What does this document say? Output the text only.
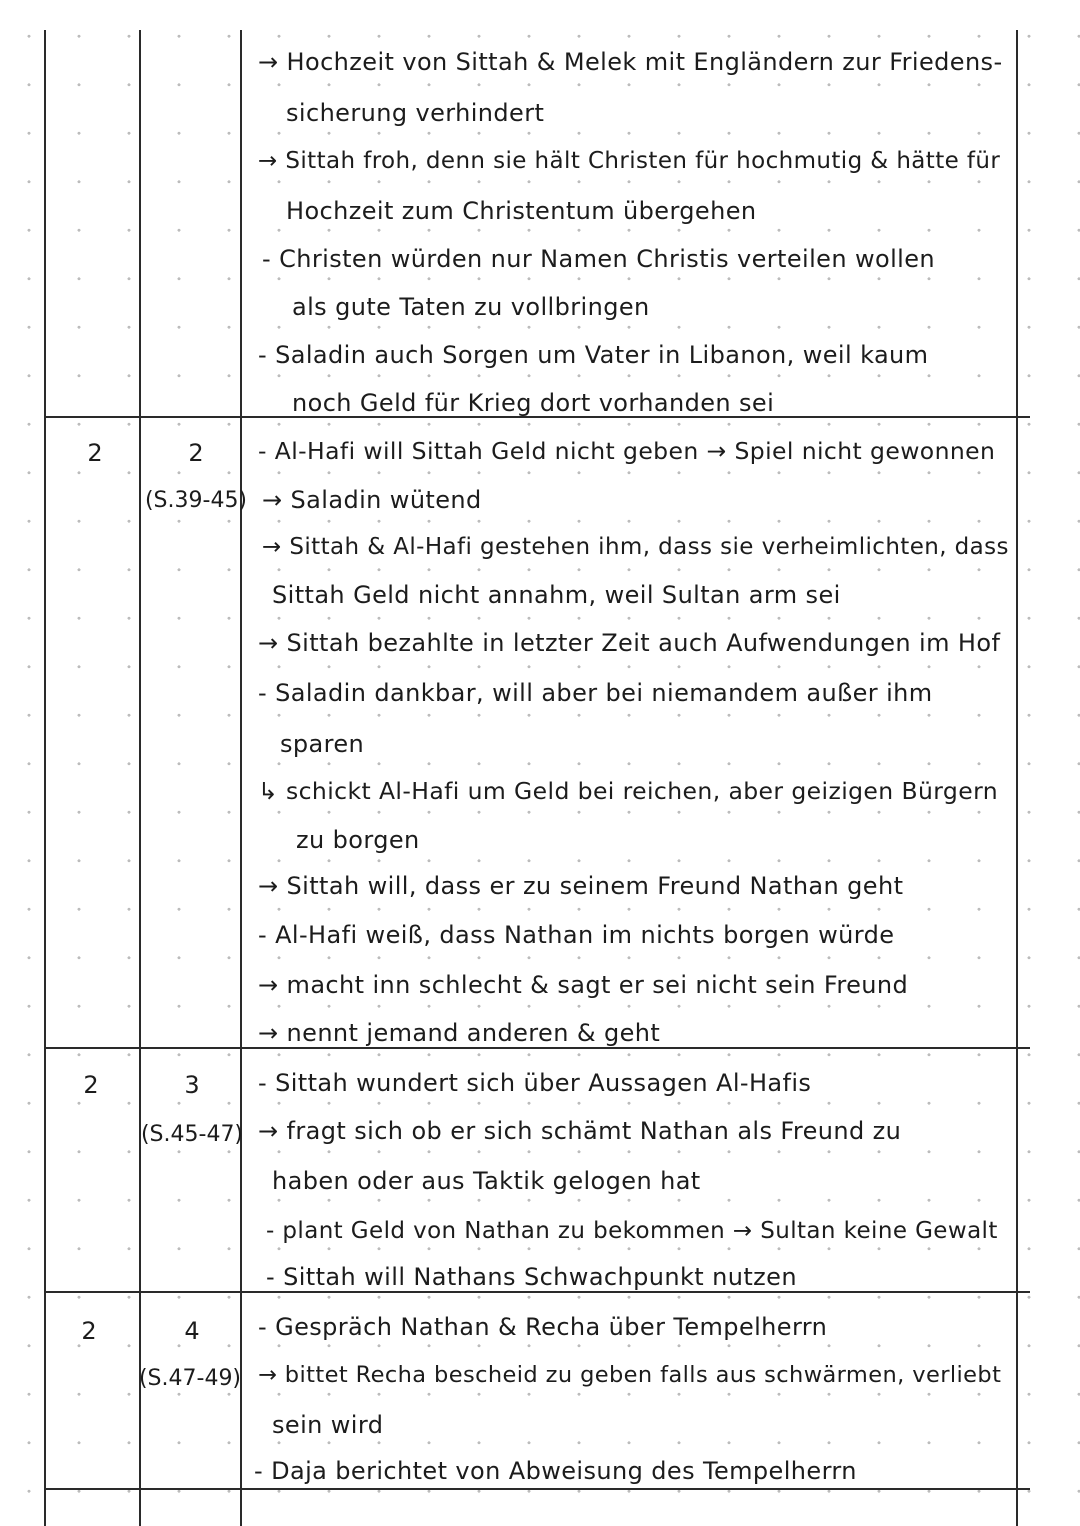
→ Hochzeit von Sittah & Melek mit Engländern zur Friedens-
sicherung verhindert
→ Sittah froh, denn sie hält Christen für hochmutig & hätte für
Hochzeit zum Christentum übergehen
- Christen würden nur Namen Christis verteilen wollen
als gute Taten zu vollbringen
- Saladin auch Sorgen um Vater in Libanon, weil kaum
noch Geld für Krieg dort vorhanden sei
2	2
(S.39-45)
- Al-Hafi will Sittah Geld nicht geben → Spiel nicht gewonnen
→ Saladin wütend
→ Sittah & Al-Hafi gestehen ihm, dass sie verheimlichten, dass
Sittah Geld nicht annahm, weil Sultan arm sei
→ Sittah bezahlte in letzter Zeit auch Aufwendungen im Hof
- Saladin dankbar, will aber bei niemandem außer ihm
sparen
↳ schickt Al-Hafi um Geld bei reichen, aber geizigen Bürgern
zu borgen
→ Sittah will, dass er zu seinem Freund Nathan geht
- Al-Hafi weiß, dass Nathan im nichts borgen würde
→ macht inn schlecht & sagt er sei nicht sein Freund
→ nennt jemand anderen & geht
2	3
(S.45-47)
- Sittah wundert sich über Aussagen Al-Hafis
→ fragt sich ob er sich schämt Nathan als Freund zu
haben oder aus Taktik gelogen hat
- plant Geld von Nathan zu bekommen → Sultan keine Gewalt
- Sittah will Nathans Schwachpunkt nutzen
2	4
(S.47-49)
- Gespräch Nathan & Recha über Tempelherrn
→ bittet Recha bescheid zu geben falls aus schwärmen, verliebt
sein wird
- Daja berichtet von Abweisung des Tempelherrn
